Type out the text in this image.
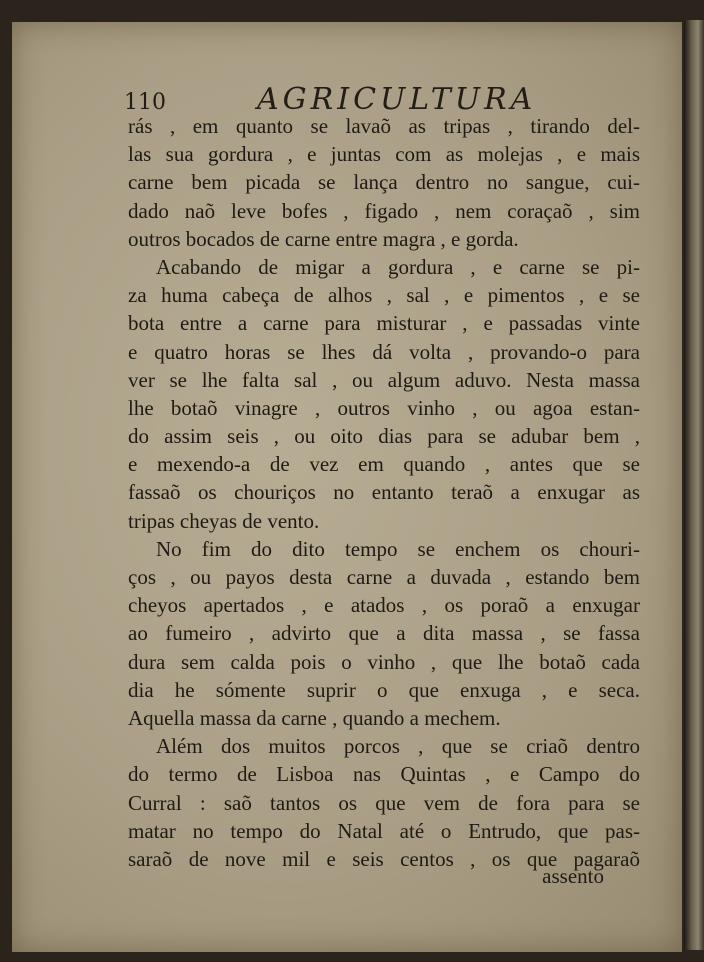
110	AGRICULTURA
rás , em quanto se lavaõ as tripas , tirando del-
las sua gordura , e juntas com as molejas , e mais
carne bem picada se lança dentro no sangue, cui-
dado naõ leve bofes , figado , nem coraçaõ , sim
outros bocados de carne entre magra , e gorda.
Acabando de migar a gordura , e carne se pi-
za huma cabeça de alhos , sal , e pimentos , e se
bota entre a carne para misturar , e passadas vinte
e quatro horas se lhes dá volta , provando-o para
ver se lhe falta sal , ou algum aduvo. Nesta massa
lhe botaõ vinagre , outros vinho , ou agoa estan-
do assim seis , ou oito dias para se adubar bem ,
e mexendo-a de vez em quando , antes que se
fassaõ os chouriços no entanto teraõ a enxugar as
tripas cheyas de vento.
No fim do dito tempo se enchem os chouri-
ços , ou payos desta carne a duvada , estando bem
cheyos apertados , e atados , os poraõ a enxugar
ao fumeiro , advirto que a dita massa , se fassa
dura sem calda pois o vinho , que lhe botaõ cada
dia he sómente suprir o que enxuga , e seca.
Aquella massa da carne , quando a mechem.
Além dos muitos porcos , que se criaõ dentro
do termo de Lisboa nas Quintas , e Campo do
Curral : saõ tantos os que vem de fora para se
matar no tempo do Natal até o Entrudo, que pas-
saraõ de nove mil e seis centos , os que pagaraõ
assento
